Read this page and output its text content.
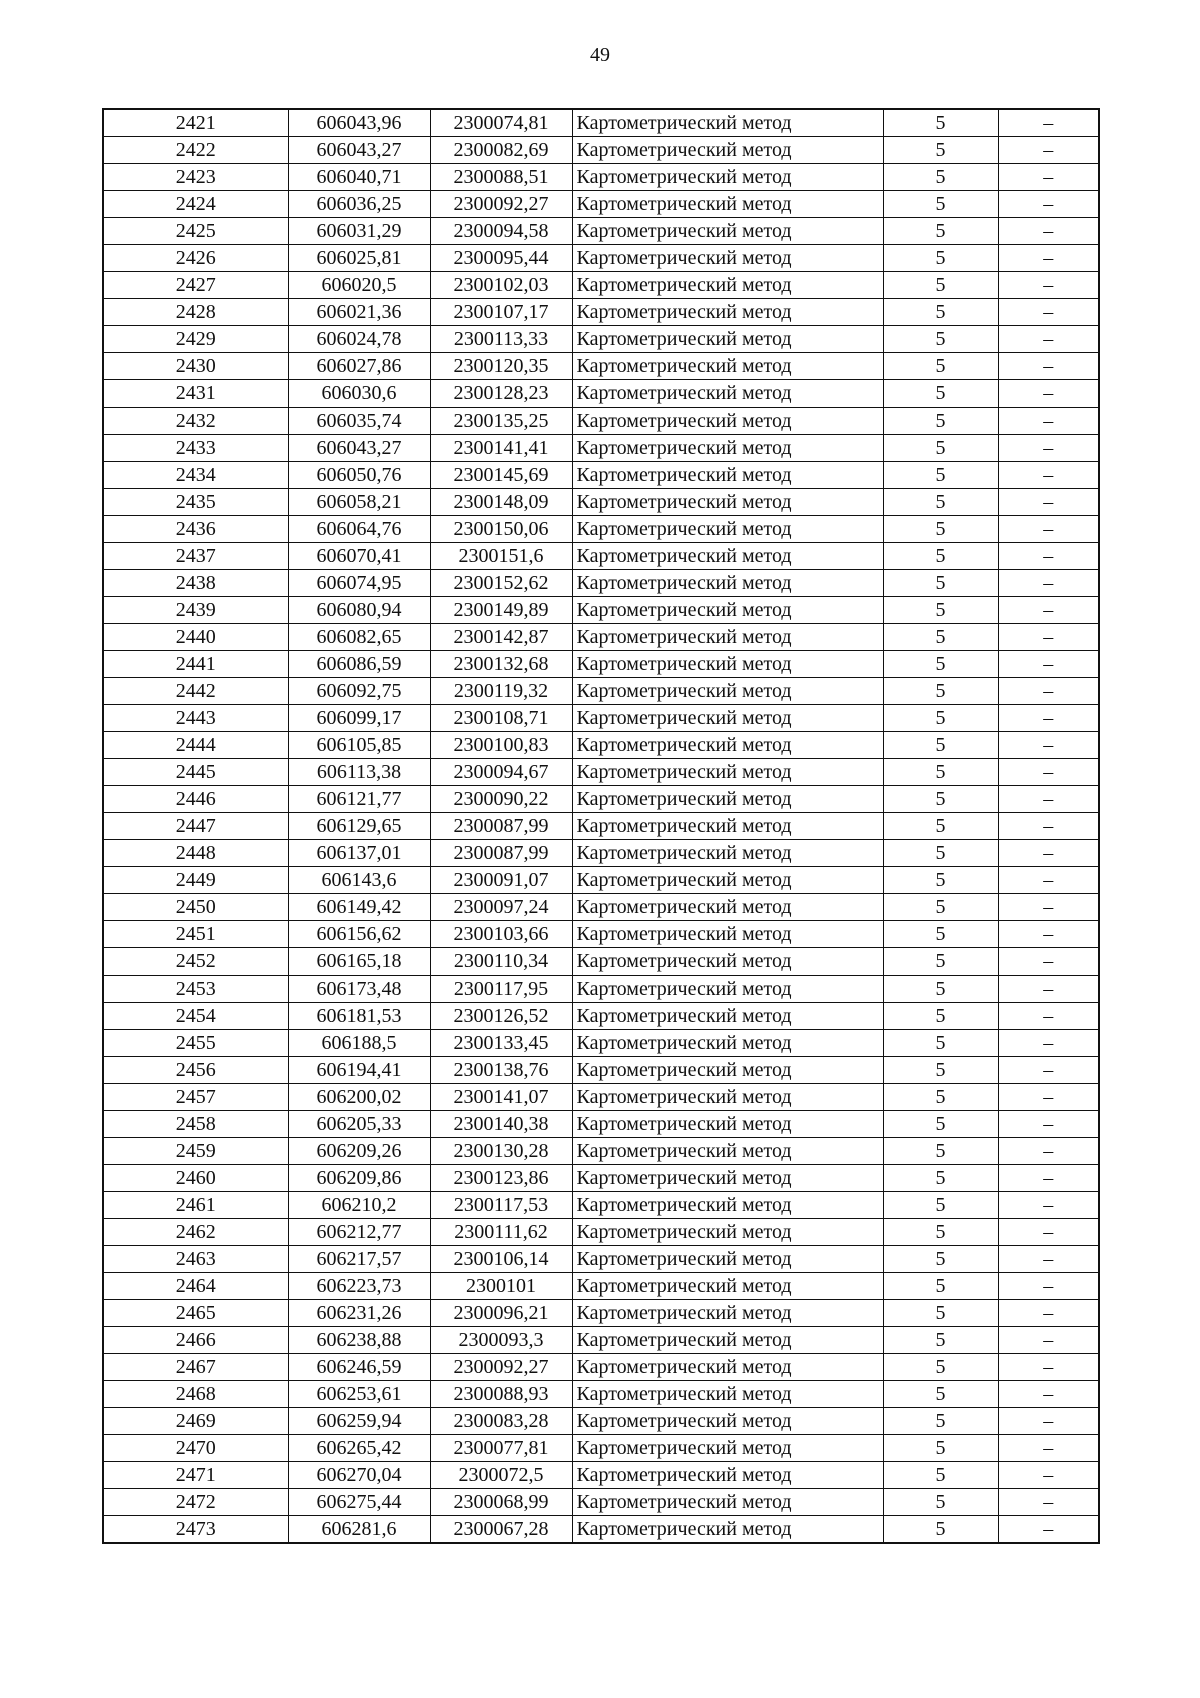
49
2421	606043,96	2300074,81	Картометрический метод	5	–
2422	606043,27	2300082,69	Картометрический метод	5	–
2423	606040,71	2300088,51	Картометрический метод	5	–
2424	606036,25	2300092,27	Картометрический метод	5	–
2425	606031,29	2300094,58	Картометрический метод	5	–
2426	606025,81	2300095,44	Картометрический метод	5	–
2427	606020,5	2300102,03	Картометрический метод	5	–
2428	606021,36	2300107,17	Картометрический метод	5	–
2429	606024,78	2300113,33	Картометрический метод	5	–
2430	606027,86	2300120,35	Картометрический метод	5	–
2431	606030,6	2300128,23	Картометрический метод	5	–
2432	606035,74	2300135,25	Картометрический метод	5	–
2433	606043,27	2300141,41	Картометрический метод	5	–
2434	606050,76	2300145,69	Картометрический метод	5	–
2435	606058,21	2300148,09	Картометрический метод	5	–
2436	606064,76	2300150,06	Картометрический метод	5	–
2437	606070,41	2300151,6	Картометрический метод	5	–
2438	606074,95	2300152,62	Картометрический метод	5	–
2439	606080,94	2300149,89	Картометрический метод	5	–
2440	606082,65	2300142,87	Картометрический метод	5	–
2441	606086,59	2300132,68	Картометрический метод	5	–
2442	606092,75	2300119,32	Картометрический метод	5	–
2443	606099,17	2300108,71	Картометрический метод	5	–
2444	606105,85	2300100,83	Картометрический метод	5	–
2445	606113,38	2300094,67	Картометрический метод	5	–
2446	606121,77	2300090,22	Картометрический метод	5	–
2447	606129,65	2300087,99	Картометрический метод	5	–
2448	606137,01	2300087,99	Картометрический метод	5	–
2449	606143,6	2300091,07	Картометрический метод	5	–
2450	606149,42	2300097,24	Картометрический метод	5	–
2451	606156,62	2300103,66	Картометрический метод	5	–
2452	606165,18	2300110,34	Картометрический метод	5	–
2453	606173,48	2300117,95	Картометрический метод	5	–
2454	606181,53	2300126,52	Картометрический метод	5	–
2455	606188,5	2300133,45	Картометрический метод	5	–
2456	606194,41	2300138,76	Картометрический метод	5	–
2457	606200,02	2300141,07	Картометрический метод	5	–
2458	606205,33	2300140,38	Картометрический метод	5	–
2459	606209,26	2300130,28	Картометрический метод	5	–
2460	606209,86	2300123,86	Картометрический метод	5	–
2461	606210,2	2300117,53	Картометрический метод	5	–
2462	606212,77	2300111,62	Картометрический метод	5	–
2463	606217,57	2300106,14	Картометрический метод	5	–
2464	606223,73	2300101	Картометрический метод	5	–
2465	606231,26	2300096,21	Картометрический метод	5	–
2466	606238,88	2300093,3	Картометрический метод	5	–
2467	606246,59	2300092,27	Картометрический метод	5	–
2468	606253,61	2300088,93	Картометрический метод	5	–
2469	606259,94	2300083,28	Картометрический метод	5	–
2470	606265,42	2300077,81	Картометрический метод	5	–
2471	606270,04	2300072,5	Картометрический метод	5	–
2472	606275,44	2300068,99	Картометрический метод	5	–
2473	606281,6	2300067,28	Картометрический метод	5	–
